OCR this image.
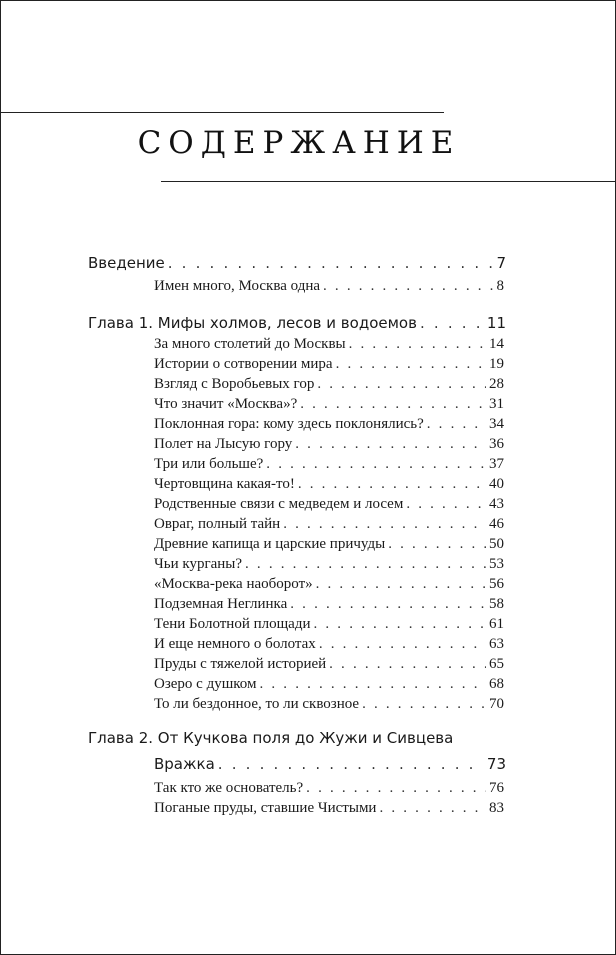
СОДЕРЖАНИЕ
Введение . . .	7
Имен много, Москва одна . . .	8
Глава 1. Мифы холмов, лесов и водоемов . . .	11
За много столетий до Москвы . . .	14
Истории о сотворении мира . . .	19
Взгляд с Воробьевых гор . . .	28
Что значит «Москва»? . . .	31
Поклонная гора: кому здесь поклонялись? . . .	34
Полет на Лысую гору . . .	36
Три или больше? . . .	37
Чертовщина какая-то! . . .	40
Родственные связи с медведем и лосем . . .	43
Овраг, полный тайн . . .	46
Древние капища и царские причуды . . .	50
Чьи курганы? . . .	53
«Москва-река наоборот» . . .	56
Подземная Неглинка . . .	58
Тени Болотной площади . . .	61
И еще немного о болотах . . .	63
Пруды с тяжелой историей . . .	65
Озеро с душком . . .	68
То ли бездонное, то ли сквозное . . .	70
Глава 2. От Кучкова поля до Жужи и Сивцева
Вражка . . .	73
Так кто же основатель? . . .	76
Поганые пруды, ставшие Чистыми . . .	83
